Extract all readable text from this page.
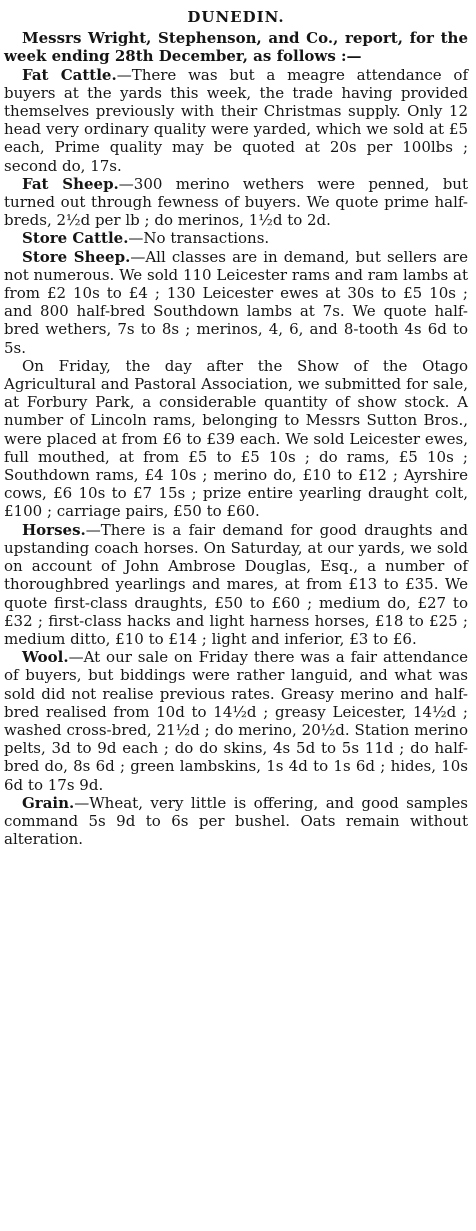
DUNEDIN.

Messrs Wright, Stephenson, and Co., report, for the week ending 28th December, as follows :—

Fat Cattle.—There was but a meagre attendance of buyers at the yards this week, the trade having provided themselves previously with their Christmas supply. Only 12 head very ordinary quality were yarded, which we sold at £5 each, Prime quality may be quoted at 20s per 100lbs ; second do, 17s.

Fat Sheep.—300 merino wethers were penned, but turned out through fewness of buyers. We quote prime half-breds, 2½d per lb ; do merinos, 1½d to 2d.

Store Cattle.—No transactions.

Store Sheep.—All classes are in demand, but sellers are not numerous. We sold 110 Leicester rams and ram lambs at from £2 10s to £4 ; 130 Leicester ewes at 30s to £5 10s ; and 800 half-bred Southdown lambs at 7s. We quote half-bred wethers, 7s to 8s ; merinos, 4, 6, and 8-tooth 4s 6d to 5s.

On Friday, the day after the Show of the Otago Agricultural and Pastoral Association, we submitted for sale, at Forbury Park, a considerable quantity of show stock. A number of Lincoln rams, belonging to Messrs Sutton Bros., were placed at from £6 to £39 each. We sold Leicester ewes, full mouthed, at from £5 to £5 10s ; do rams, £5 10s ; Southdown rams, £4 10s ; merino do, £10 to £12 ; Ayrshire cows, £6 10s to £7 15s ; prize entire yearling draught colt, £100 ; carriage pairs, £50 to £60.

Horses.—There is a fair demand for good draughts and upstanding coach horses. On Saturday, at our yards, we sold on account of John Ambrose Douglas, Esq., a number of thoroughbred yearlings and mares, at from £13 to £35. We quote first-class draughts, £50 to £60 ; medium do, £27 to £32 ; first-class hacks and light harness horses, £18 to £25 ; medium ditto, £10 to £14 ; light and inferior, £3 to £6.

Wool.—At our sale on Friday there was a fair attendance of buyers, but biddings were rather languid, and what was sold did not realise previous rates. Greasy merino and half-bred realised from 10d to 14½d ; greasy Leicester, 14½d ; washed cross-bred, 21½d ; do merino, 20½d. Station merino pelts, 3d to 9d each ; do do skins, 4s 5d to 5s 11d ; do half-bred do, 8s 6d ; green lambskins, 1s 4d to 1s 6d ; hides, 10s 6d to 17s 9d.

Grain.—Wheat, very little is offering, and good samples command 5s 9d to 6s per bushel. Oats remain without alteration.
